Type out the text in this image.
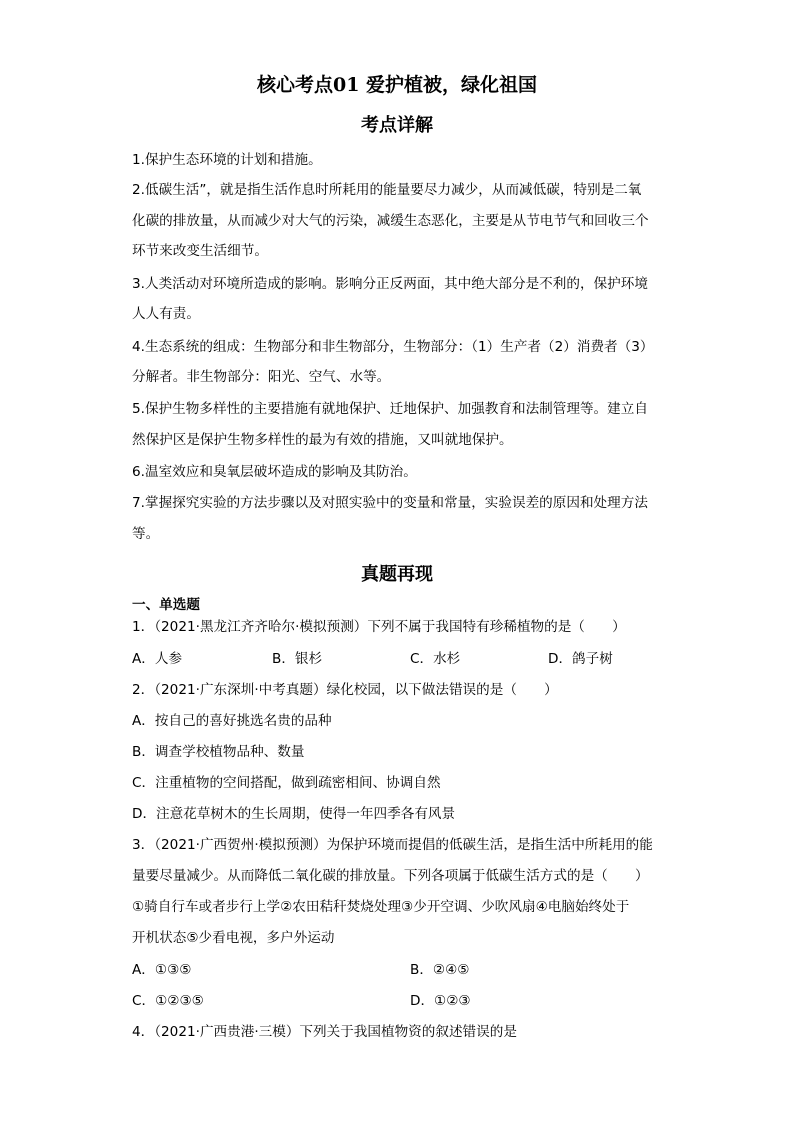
核心考点01 爱护植被，绿化祖国
考点详解
1.保护生态环境的计划和措施。
2.低碳生活”，就是指生活作息时所耗用的能量要尽力减少，从而减低碳，特别是二氧
化碳的排放量，从而减少对大气的污染，减缓生态恶化，主要是从节电节气和回收三个
环节来改变生活细节。
3.人类活动对环境所造成的影响。影响分正反两面，其中绝大部分是不利的，保护环境
人人有责。
4.生态系统的组成：生物部分和非生物部分，生物部分：（1）生产者（2）消费者（3）
分解者。非生物部分：阳光、空气、水等。
5.保护生物多样性的主要措施有就地保护、迁地保护、加强教育和法制管理等。建立自
然保护区是保护生物多样性的最为有效的措施，又叫就地保护。
6.温室效应和臭氧层破坏造成的影响及其防治。
7.掌握探究实验的方法步骤以及对照实验中的变量和常量，实验误差的原因和处理方法
等。
真题再现
一、单选题
1．（2021·黑龙江齐齐哈尔·模拟预测）下列不属于我国特有珍稀植物的是（　　）
A．人参	B．银杉	C．水杉	D．鸽子树
2．（2021·广东深圳·中考真题）绿化校园，以下做法错误的是（　　）
A．按自己的喜好挑选名贵的品种
B．调查学校植物品种、数量
C．注重植物的空间搭配，做到疏密相间、协调自然
D．注意花草树木的生长周期，使得一年四季各有风景
3．（2021·广西贺州·模拟预测）为保护环境而提倡的低碳生活，是指生活中所耗用的能
量要尽量减少。从而降低二氧化碳的排放量。下列各项属于低碳生活方式的是（　　）
①骑自行车或者步行上学②农田秸秆焚烧处理③少开空调、少吹风扇④电脑始终处于
开机状态⑤少看电视，多户外运动
A．①③⑤	B．②④⑤
C．①②③⑤	D．①②③
4．（2021·广西贵港·三模）下列关于我国植物资的叙述错误的是
